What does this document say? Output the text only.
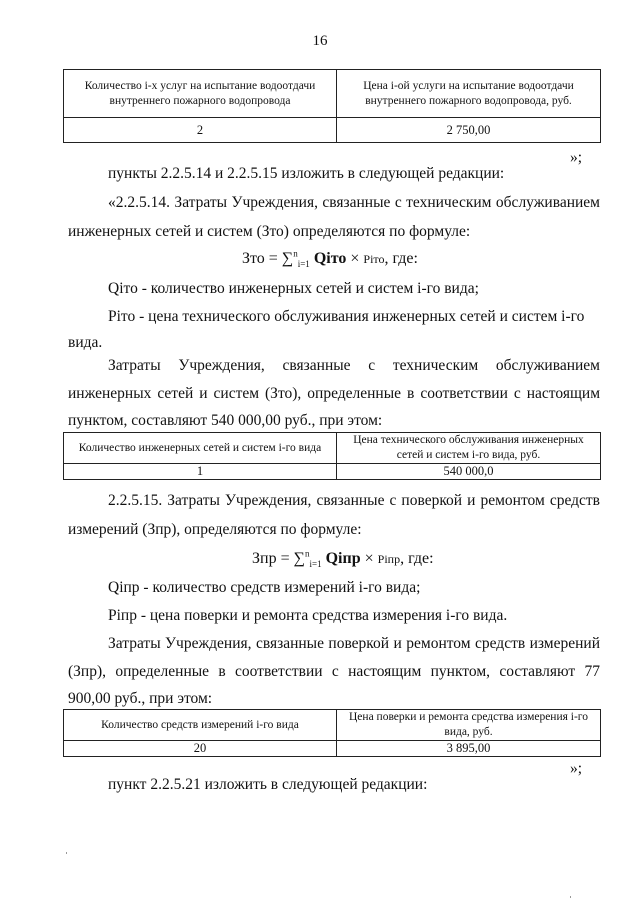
16
Количество i-х услуг на испытание водоотдачи внутреннего пожарного водопровода	Цена i-ой услуги на испытание водоотдачи внутреннего пожарного водопровода, руб.
2	2 750,00
»;
пункты 2.2.5.14 и 2.2.5.15 изложить в следующей редакции:
«2.2.5.14. Затраты Учреждения, связанные с техническим обслуживанием
инженерных сетей и систем (Зто) определяются по формуле:
Зто = ∑$^n_{i=1}$ Qiто × Piто, где:
Qiто - количество инженерных сетей и систем i-го вида;
Piто - цена технического обслуживания инженерных сетей и систем i-го
вида.
Затраты Учреждения, связанные с техническим обслуживанием
инженерных сетей и систем (Зто), определенные в соответствии с настоящим
пунктом, составляют 540 000,00 руб., при этом:
Количество инженерных сетей и систем i-го вида	Цена технического обслуживания инженерных сетей и систем i-го вида, руб.
1	540 000,0
2.2.5.15. Затраты Учреждения, связанные с поверкой и ремонтом средств
измерений (Зпр), определяются по формуле:
Зпр = ∑$^n_{i=1}$ Qiпр × Piпр, где:
Qiпр - количество средств измерений i-го вида;
Piпр - цена поверки и ремонта средства измерения i-го вида.
Затраты Учреждения, связанные поверкой и ремонтом средств измерений
(Зпр), определенные в соответствии с настоящим пунктом, составляют 77
900,00 руб., при этом:
Количество средств измерений i-го вида	Цена поверки и ремонта средства измерения i-го вида, руб.
20	3 895,00
»;
пункт 2.2.5.21 изложить в следующей редакции:
